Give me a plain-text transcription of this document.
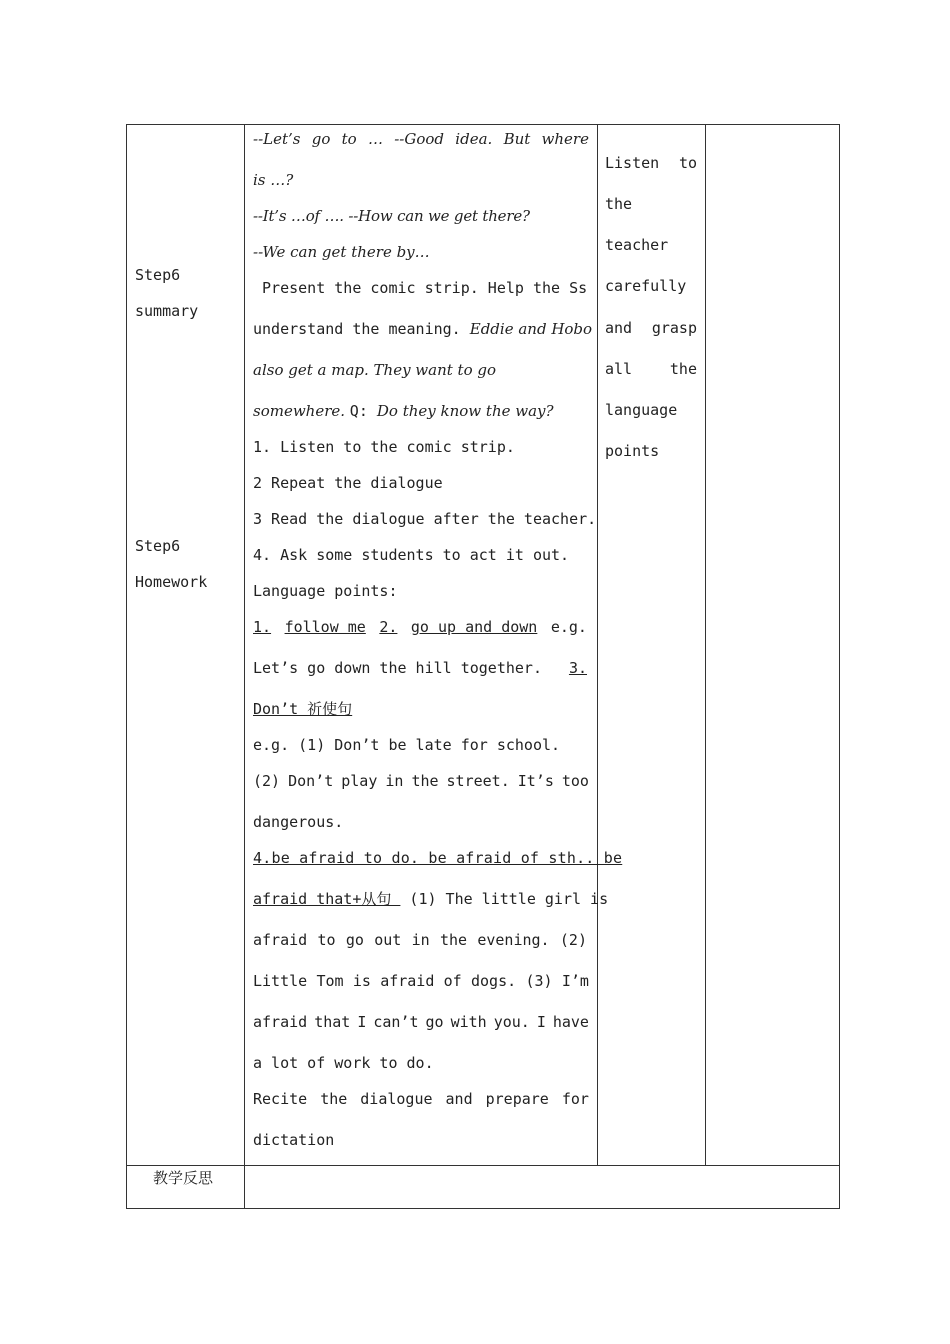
Step6
summary
Step6
Homework
--Let’s go to … --Good idea. But where
is …?
--It’s …of …. --How can we get there?
--We can get there by…
Present the comic strip. Help the Ss
understand the meaning. Eddie and Hobo
also get a map. They want to go
somewhere. Q: Do they know the way?
1. Listen to the comic strip.
2 Repeat the dialogue
3 Read the dialogue after the teacher.
4. Ask some students to act it out.
Language points:
1. follow me 2. go up and down e.g.
Let’s go down the hill together. 3.
Don’t 祈使句
e.g. (1) Don’t be late for school.
(2) Don’t play in the street. It’s too
dangerous.
4.be afraid to do. be afraid of sth.. be
afraid that+从句  (1) The little girl is
afraid to go out in the evening. (2)
Little Tom is afraid of dogs. (3) I’m
afraid that I can’t go with you. I have
a lot of work to do.
Recite the dialogue and prepare for
dictation
Listen to
the
teacher
carefully
and grasp
all	the
language
points
教学反思
